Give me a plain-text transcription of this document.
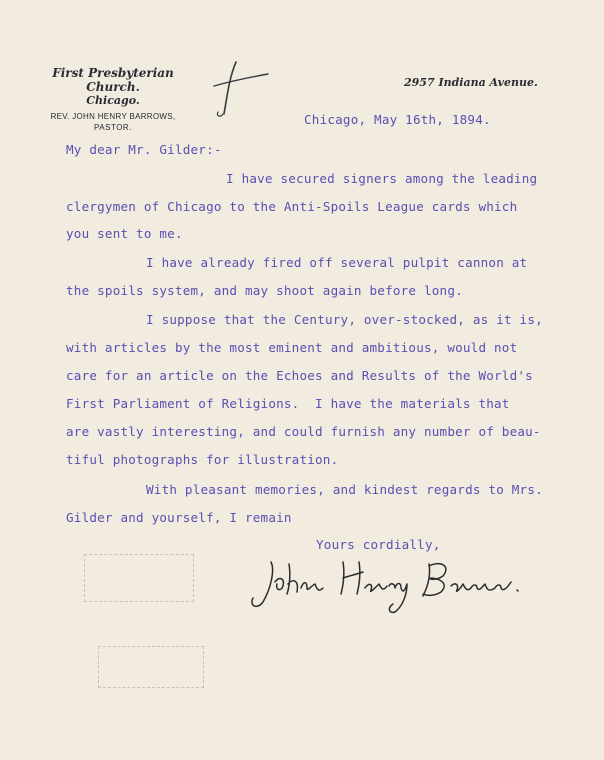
First Presbyterian Church.
Chicago.
REV. JOHN HENRY BARROWS,
PASTOR.
2957 Indiana Avenue.
Chicago, May 16th, 1894.
My dear Mr. Gilder:-
I have secured signers among the leading
clergymen of Chicago to the Anti-Spoils League cards which
you sent to me.
I have already fired off several pulpit cannon at
the spoils system, and may shoot again before long.
I suppose that the Century, over-stocked, as it is,
with articles by the most eminent and ambitious, would not
care for an article on the Echoes and Results of the World's
First Parliament of Religions.  I have the materials that
are vastly interesting, and could furnish any number of beau-
tiful photographs for illustration.
With pleasant memories, and kindest regards to Mrs.
Gilder and yourself, I remain
Yours cordially,
